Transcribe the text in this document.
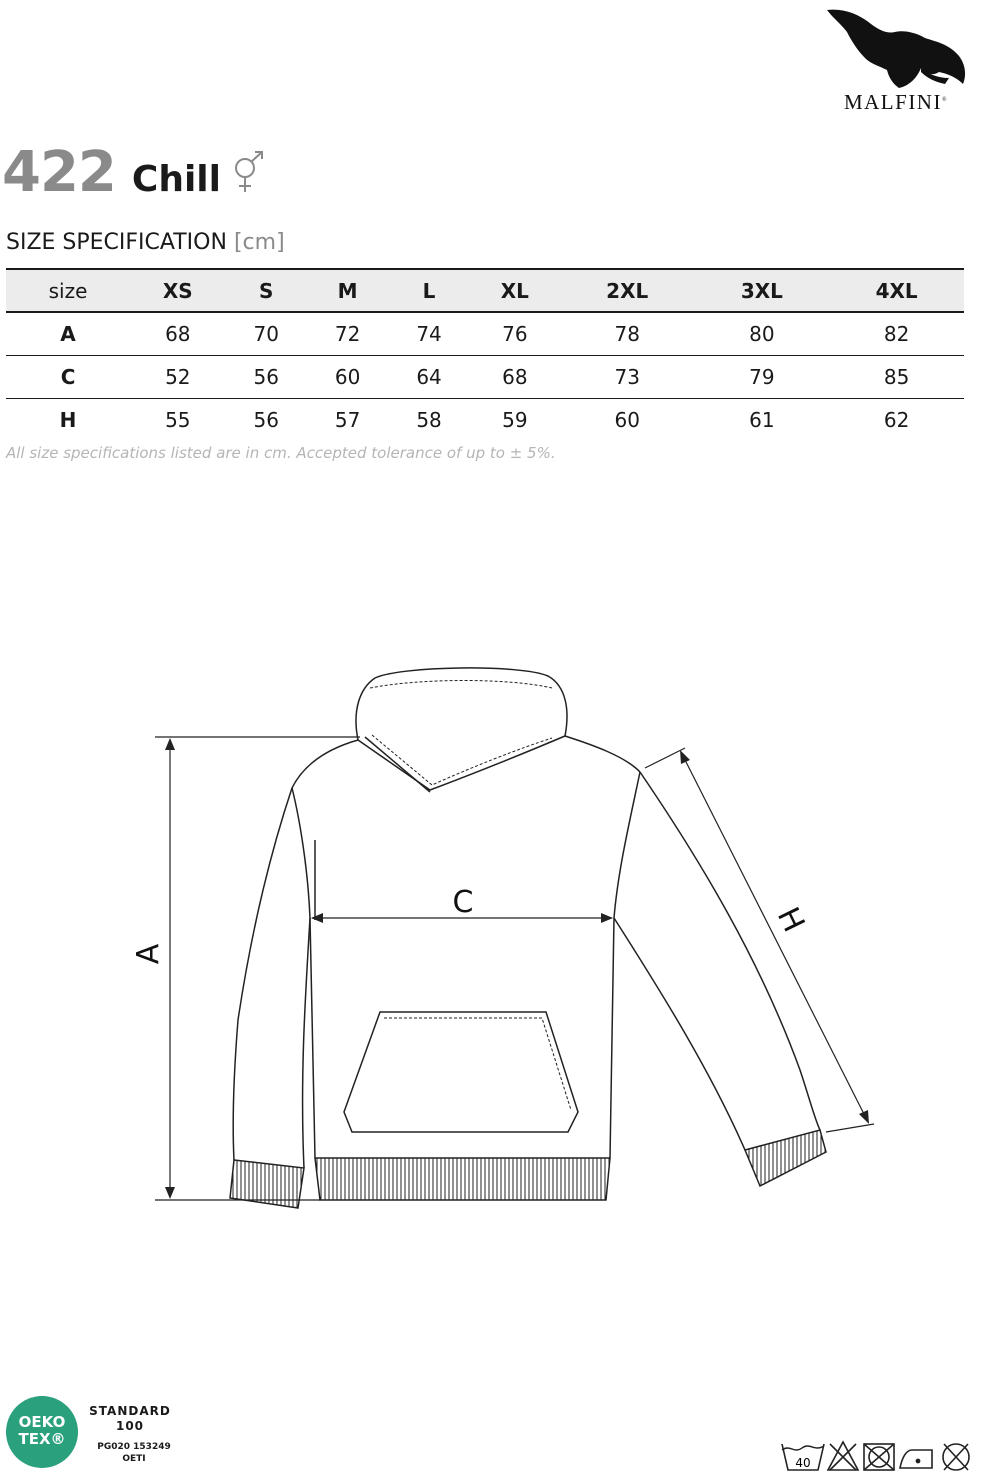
MALFINI®
422 Chill
SIZE SPECIFICATION [cm]
size	XS	S	M	L	XL	2XL	3XL	4XL
A	68	70	72	74	76	78	80	82
C	52	56	60	64	68	73	79	85
H	55	56	57	58	59	60	61	62
All size specifications listed are in cm. Accepted tolerance of up to ± 5%.
A
C	H
OEKO
TEX®
STANDARD
100
PG020 153249
OETI	40
